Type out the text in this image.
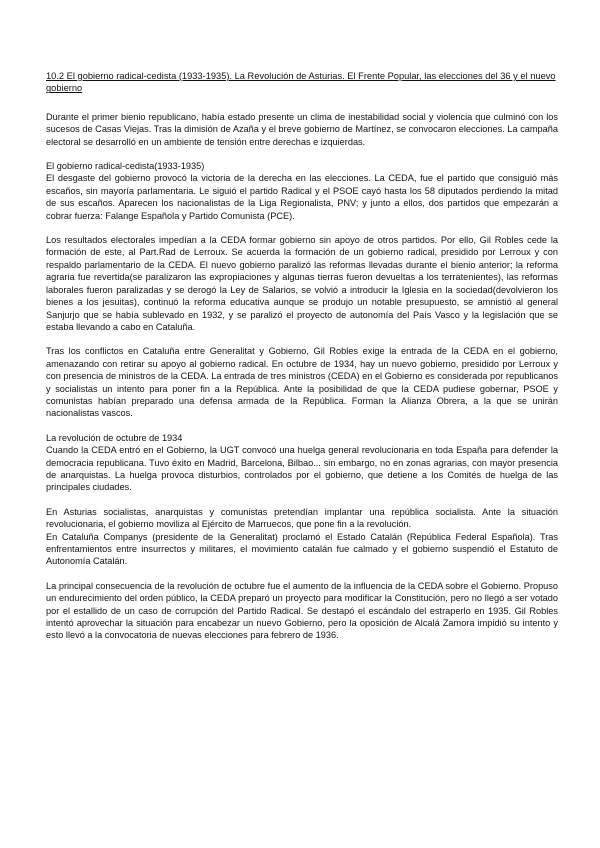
10.2 El gobierno radical-cedista (1933-1935). La Revolución de Asturias. El Frente Popular, las elecciones del 36 y el nuevo gobierno

Durante el primer bienio republicano, había estado presente un clima de inestabilidad social y violencia que culminó con los sucesos de Casas Viejas. Tras la dimisión de Azaña y el breve gobierno de Martínez, se convocaron elecciones. La campaña electoral se desarrolló en un ambiente de tensión entre derechas e izquierdas.

El gobierno radical-cedista(1933-1935)

El desgaste del gobierno provocó la victoria de la derecha en las elecciones. La CEDA, fue el partido que consiguió más escaños, sin mayoría parlamentaria. Le siguió el partido Radical y el PSOE cayó hasta los 58 diputados perdiendo la mitad de sus escaños. Aparecen los nacionalistas de la Liga Regionalista, PNV; y junto a ellos, dos partidos que empezarán a cobrar fuerza: Falange Española y Partido Comunista (PCE).

Los resultados electorales impedían a la CEDA formar gobierno sin apoyo de otros partidos. Por ello, Gil Robles cede la formación de este, al Part.Rad de Lerroux. Se acuerda la formación de un gobierno radical, presidido por Lerroux y con respaldo parlamentario de la CEDA. El nuevo gobierno paralizó las reformas llevadas durante el bienio anterior; la reforma agraria fue revertida(se paralizaron las expropiaciones y algunas tierras fueron devueltas a los terratenientes), las reformas laborales fueron paralizadas y se derogó la Ley de Salarios, se volvió a introducir la Iglesia en la sociedad(devolvieron los bienes a los jesuitas), continuó la reforma educativa aunque se produjo un notable presupuesto, se amnistió al general Sanjurjo que se había sublevado en 1932, y se paralizó el proyecto de autonomía del País Vasco y la legislación que se estaba llevando a cabo en Cataluña.

Tras los conflictos en Cataluña entre Generalitat y Gobierno, Gil Robles exige la entrada de la CEDA en el gobierno, amenazando con retirar su apoyo al gobierno radical. En octubre de 1934, hay un nuevo gobierno, presidido por Lerroux y con presencia de ministros de la CEDA. La entrada de tres ministros (CEDA) en el Gobierno es considerada por republicanos y socialistas un intento para poner fin a la República. Ante la posibilidad de que la CEDA pudiese gobernar, PSOE y comunistas habían preparado una defensa armada de la República. Forman la Alianza Obrera, a la que se unirán nacionalistas vascos.

La revolución de octubre de 1934

Cuando la CEDA entró en el Gobierno, la UGT convocó una huelga general revolucionaria en toda España para defender la democracia republicana. Tuvo éxito en Madrid, Barcelona, Bilbao... sin embargo, no en zonas agrarias, con mayor presencia de anarquistas. La huelga provoca disturbios, controlados por el gobierno, que detiene a los Comités de huelga de las principales ciudades.

En Asturias socialistas, anarquistas y comunistas pretendían implantar una república socialista. Ante la situación revolucionaria, el gobierno moviliza al Ejército de Marruecos, que pone fin a la revolución.

En Cataluña Companys (presidente de la Generalitat) proclamó el Estado Catalán (República Federal Española). Tras enfrentamientos entre insurrectos y militares, el movimiento catalán fue calmado y el gobierno suspendió el Estatuto de Autonomía Catalán.

La principal consecuencia de la revolución de octubre fue el aumento de la influencia de la CEDA sobre el Gobierno. Propuso un endurecimiento del orden público, la CEDA preparó un proyecto para modificar la Constitución, pero no llegó a ser votado por el estallido de un caso de corrupción del Partido Radical. Se destapó el escándalo del estraperlo en 1935. Gil Robles intentó aprovechar la situación para encabezar un nuevo Gobierno, pero la oposición de Alcalá Zamora impidió su intento y esto llevó a la convocatoria de nuevas elecciones para febrero de 1936.
